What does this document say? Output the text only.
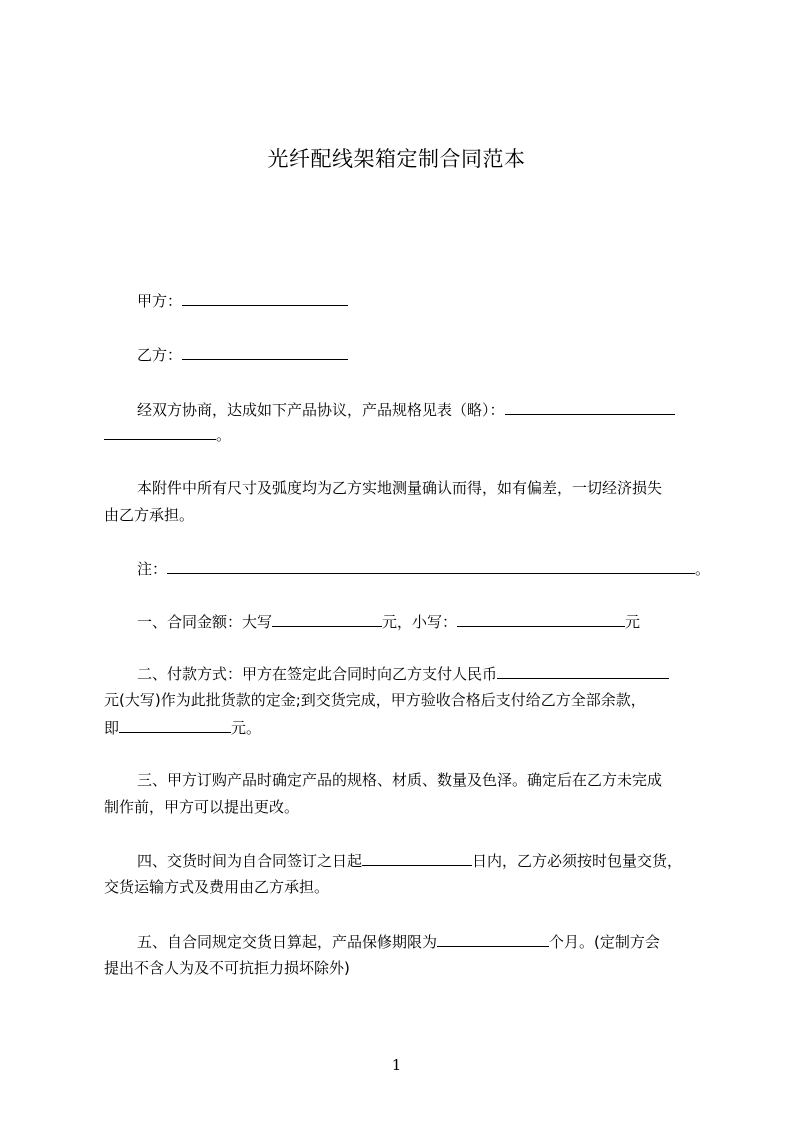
光纤配线架箱定制合同范本
甲方：
乙方：
经双方协商，达成如下产品协议，产品规格见表（略）：
。
本附件中所有尺寸及弧度均为乙方实地测量确认而得，如有偏差，一切经济损失
由乙方承担。
注：	。
一、合同金额：大写	元，小写：	元
二、付款方式：甲方在签定此合同时向乙方支付人民币
元(大写)作为此批货款的定金;到交货完成，甲方验收合格后支付给乙方全部余款，
即	元。
三、甲方订购产品时确定产品的规格、材质、数量及色泽。确定后在乙方未完成
制作前，甲方可以提出更改。
四、交货时间为自合同签订之日起	日内，乙方必须按时包量交货，
交货运输方式及费用由乙方承担。
五、自合同规定交货日算起，产品保修期限为	个月。(定制方会
提出不含人为及不可抗拒力损坏除外)
1
